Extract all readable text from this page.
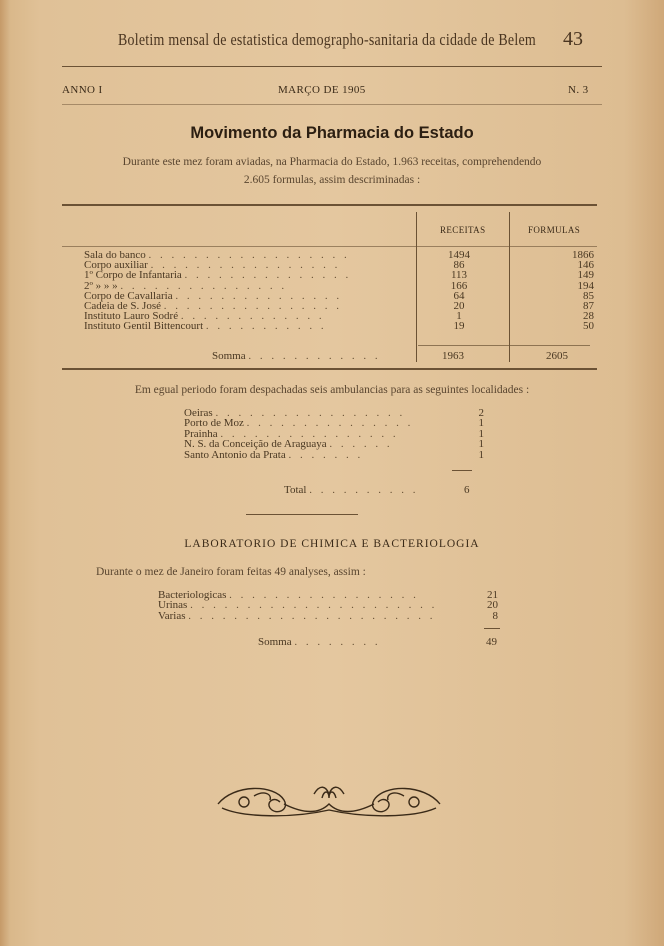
Boletim mensal de estatistica demographo-sanitaria da cidade de Belem 43
ANNO I	MARÇO DE 1905	N. 3
Movimento da Pharmacia do Estado
Durante este mez foram aviadas, na Pharmacia do Estado, 1.963 receitas, comprehendendo
2.605 formulas, assim descriminadas :
RECEITAS	FORMULAS
Sala do banco . . . . . . . . . . . . . . . . . .	1494	1866
Corpo auxiliar . . . . . . . . . . . . . . . . .	86	146
1º Corpo de Infantaria . . . . . . . . . . . . . . .	113	149
2º » » » . . . . . . . . . . . . . . .	166	194
Corpo de Cavallaria . . . . . . . . . . . . . . .	64	85
Cadeia de S. José . . . . . . . . . . . . . . . .	20	87
Instituto Lauro Sodré . . . . . . . . . . . . .	1	28
Instituto Gentil Bittencourt . . . . . . . . . . .	19	50
Somma . . . . . . . . . . . .	1963	2605
Em egual periodo foram despachadas seis ambulancias para as seguintes localidades :
Oeiras . . . . . . . . . . . . . . . . .	2
Porto de Moz . . . . . . . . . . . . . . .	1
Prainha . . . . . . . . . . . . . . . .	1
N. S. da Conceição de Araguaya . . . . . .	1
Santo Antonio da Prata . . . . . . .	1
Total . . . . . . . . . .	6
LABORATORIO DE CHIMICA E BACTERIOLOGIA
Durante o mez de Janeiro foram feitas 49 analyses, assim :
Bacteriologicas . . . . . . . . . . . . . . . . .	21
Urinas . . . . . . . . . . . . . . . . . . . . . .	20
Varias . . . . . . . . . . . . . . . . . . . . . .	8
Somma . . . . . . . .	49
